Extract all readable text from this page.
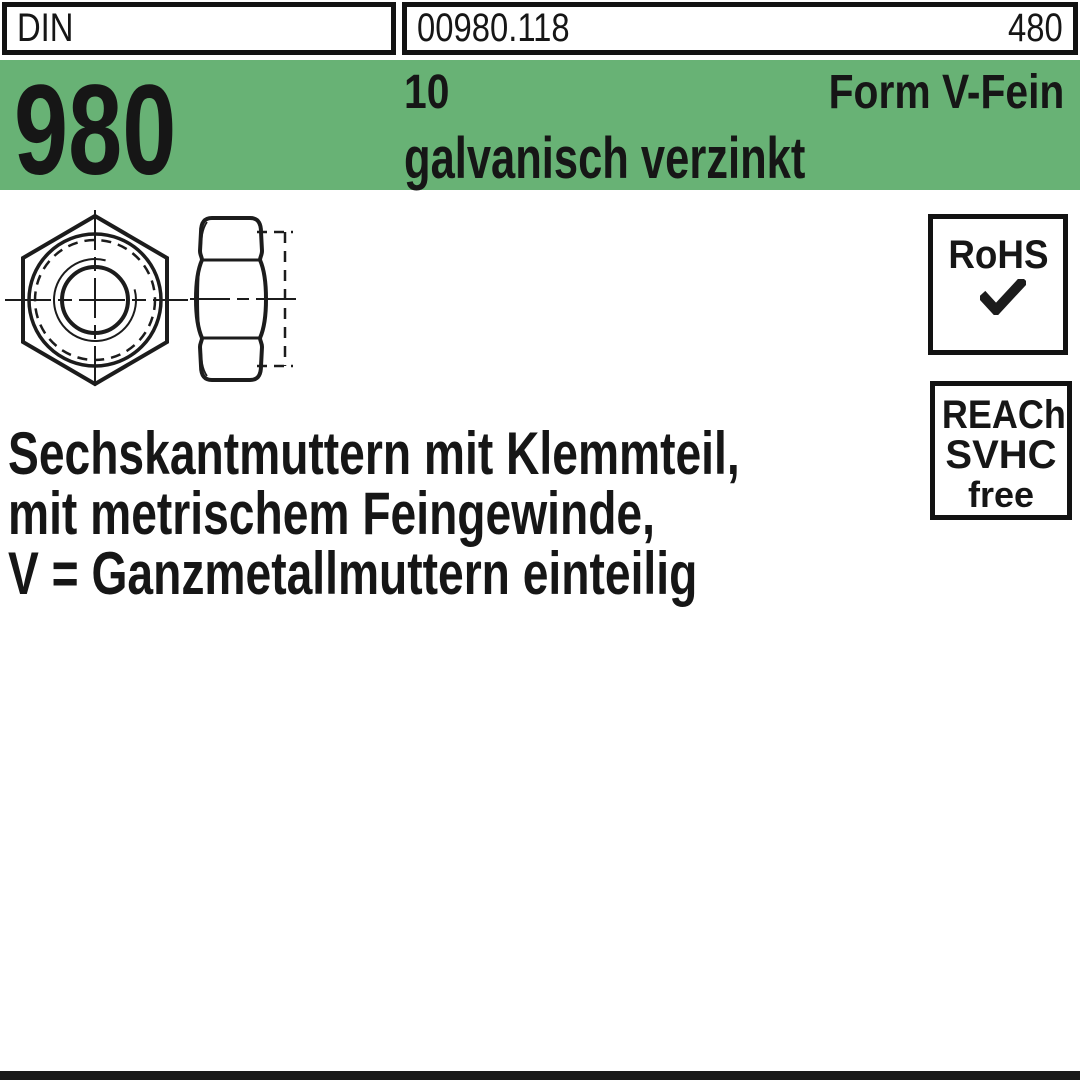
DIN	00980.118	480
980	10	Form V-Fein
galvanisch verzinkt
RoHS
REACh
SVHC
free
Sechskantmuttern mit Klemmteil,
mit metrischem Feingewinde,
V = Ganzmetallmuttern einteilig
